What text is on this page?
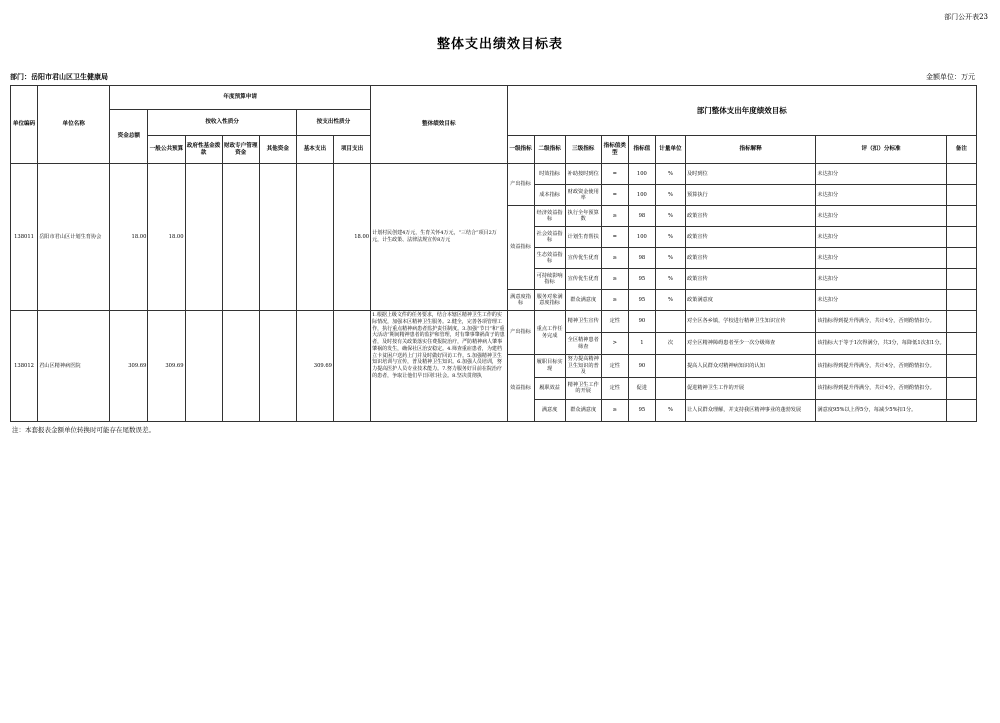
部门公开表23
整体支出绩效目标表
部门：岳阳市君山区卫生健康局	金额单位：万元
单位编码	单位名称	年度预算申请							整体绩效目标	部门整体支出年度绩效目标								
		资金总额	按收入性质分				按支出性质分											
			一般公共预算	政府性基金拨款	财政专户管理资金	其他资金	基本支出	项目支出		一级指标	二级指标	三级指标	指标值类型	指标值	计量单位	指标解释	评（扣）分标准	备注
138011	岳阳市君山区计划生育协会	18.00	18.00					18.00	计划村民创建4万元，生育关怀4万元，“三结合”项目2万元，计生政策、法律法规宣传8万元	产出指标	时效指标	补助按时到位	=	100	%	及时到位	未达扣分	
											成本指标	财政资金使用率	=	100	%	预算执行	未达扣分	
										效益指标	经济效益指标	执行全年预算数	≥	98	%	政策宣传	未达扣分	
											社会效益指标	计划生育帮扶	=	100	%	政策宣传	未达扣分	
											生态效益指标	宣传优生优育	≥	98	%	政策宣传	未达扣分	
											可持续影响指标	宣传优生优育	≥	95	%	政策宣传	未达扣分	
										满意度指标	服务对象满意度指标	群众满意度	≥	95	%	政策满意度	未达扣分	
138012	君山区精神病医院	309.69	309.69				309.69		1.根据上级文件的任务要求，结合本辖区精神卫生工作的实际情况，加强本区精神卫生服务。2.健全，完善各项管理工作，执行重点精神病患者监护责任制度。3.加强“节日”和“重大活动”期间精神患者的监护和管理，对有肇事肇祸苗子的患者，及时按有关政策落实住费报院治疗，严防精神病人肇事肇祸的发生，确保社区治安稳定。4.筛查重症患者，为建档立卡贫困户送药上门并及时做好回访工作。5.加强精神卫生知识培训与宣传，普及精神卫生知识。6.加强人员培训，努力提高医护人员专业技术能力。7.努力服务好目前在院治疗的患者，争取让他们早日回归社会。8.坚决贯彻执	产出指标	重点工作任务完成	精神卫生宣传	定性	90		对全区各乡镇，学校进行精神卫生知识宣传	该指标得到提升得满分，共计4分，否则酌情扣分。	
												全区精神患者筛查	>	1	次	对全区精神障碍患者至少一次分级筛查	该指标大于等于1次得满分，共3分，每降低1次扣1分。	
										效益指标	履职目标实现	努力提高精神卫生知识的普及	定性	90		提高人民群众对精神病知识的认知	该指标得到提升得满分，共计4分，否则酌情扣分。	
											履职效益	精神卫生工作的开展	定性	促进		促进精神卫生工作的开展	该指标得到提升得满分，共计4分，否则酌情扣分。	
											满意度	群众满意度	≥	95	%	让人民群众理解，并支持我区精神事业的蓬勃发展	满意度95%以上得5分，每减少5%扣1分。	
注：本套报表金额单位转换时可能存在尾数误差。
